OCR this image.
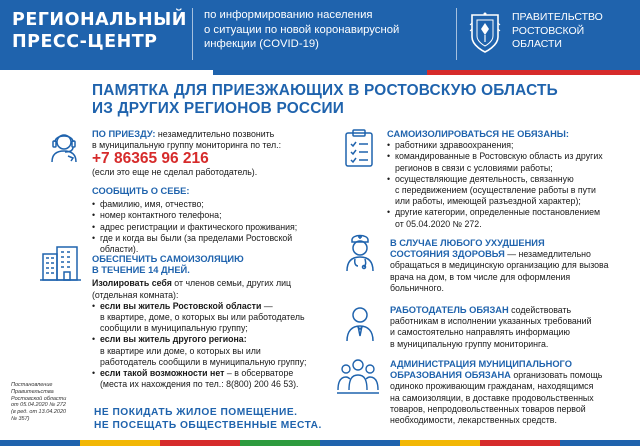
РЕГИОНАЛЬНЫЙ
ПРЕСС-ЦЕНТР
по информированию населения
о ситуации по новой коронавирусной
инфекции (COVID-19)
ПРАВИТЕЛЬСТВО
РОСТОВСКОЙ
ОБЛАСТИ
ПАМЯТКА ДЛЯ ПРИЕЗЖАЮЩИХ В РОСТОВСКУЮ ОБЛАСТЬ
ИЗ ДРУГИХ РЕГИОНОВ РОССИИ
ПО ПРИЕЗДУ: незамедлительно позвонить
в муниципальную группу мониторинга по тел.:
+7 86365 96 216
(если это еще не сделал работодатель).
СООБЩИТЬ О СЕБЕ:
• фамилию, имя, отчество;
• номер контактного телефона;
• адрес регистрации и фактического проживания;
• где и когда вы были (за пределами Ростовской
области).
ОБЕСПЕЧИТЬ САМОИЗОЛЯЦИЮ
В ТЕЧЕНИЕ 14 ДНЕЙ.
Изолировать себя от членов семьи, других лиц
(отдельная комната):
• если вы житель Ростовской области —
в квартире, доме, о которых вы или работодатель
сообщили в муниципальную группу;
• если вы житель другого региона:
в квартире или доме, о которых вы или
работодатель сообщили в муниципальную группу;
• если такой возможности нет – в обсерваторе
(места их нахождения по тел.: 8(800) 200 46 53).
Постановление
Правительства
Ростовской области
от 05.04.2020 № 272
(в ред. от 13.04.2020
№ 357)
НЕ ПОКИДАТЬ ЖИЛОЕ ПОМЕЩЕНИЕ.
НЕ ПОСЕЩАТЬ ОБЩЕСТВЕННЫЕ МЕСТА.
САМОИЗОЛИРОВАТЬСЯ НЕ ОБЯЗАНЫ:
• работники здравоохранения;
• командированные в Ростовскую область из других
регионов в связи с условиями работы;
• осуществляющие деятельность, связанную
с передвижением (осуществление работы в пути
или работы, имеющей разъездной характер);
• другие категории, определенные постановлением
от 05.04.2020 № 272.
В СЛУЧАЕ ЛЮБОГО УХУДШЕНИЯ
СОСТОЯНИЯ ЗДОРОВЬЯ — незамедлительно
обращаться в медицинскую организацию для вызова
врача на дом, в том числе для оформления
больничного.
РАБОТОДАТЕЛЬ ОБЯЗАН содействовать
работникам в исполнении указанных требований
и самостоятельно направлять информацию
в муниципальную группу мониторинга.
АДМИНИСТРАЦИЯ МУНИЦИПАЛЬНОГО
ОБРАЗОВАНИЯ ОБЯЗАНА организовать помощь
одиноко проживающим гражданам, находящимся
на самоизоляции, в доставке продовольственных
товаров, непродовольственных товаров первой
необходимости, лекарственных средств.
